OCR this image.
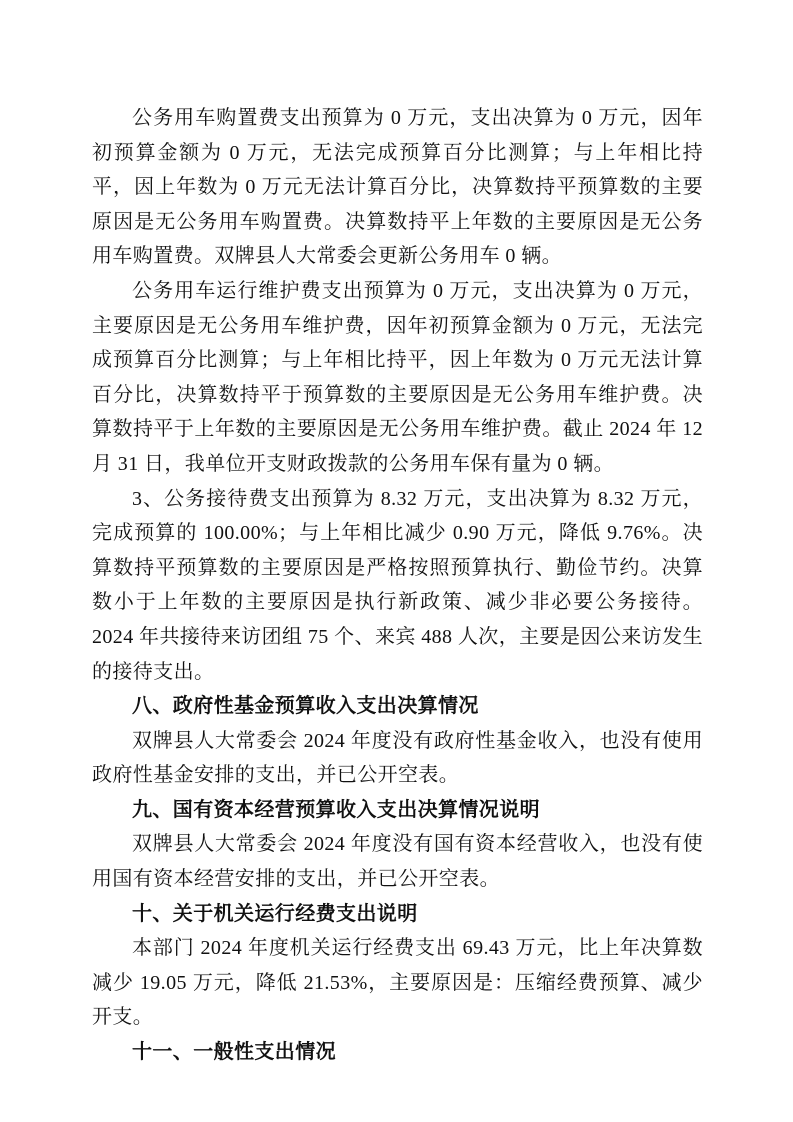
公务用车购置费支出预算为 0 万元，支出决算为 0 万元，因年初预算金额为 0 万元，无法完成预算百分比测算；与上年相比持平，因上年数为 0 万元无法计算百分比，决算数持平预算数的主要原因是无公务用车购置费。决算数持平上年数的主要原因是无公务用车购置费。双牌县人大常委会更新公务用车 0 辆。

公务用车运行维护费支出预算为 0 万元，支出决算为 0 万元，主要原因是无公务用车维护费，因年初预算金额为 0 万元，无法完成预算百分比测算；与上年相比持平，因上年数为 0 万元无法计算百分比，决算数持平于预算数的主要原因是无公务用车维护费。决算数持平于上年数的主要原因是无公务用车维护费。截止 2024 年 12 月 31 日，我单位开支财政拨款的公务用车保有量为 0 辆。

3、公务接待费支出预算为 8.32 万元，支出决算为 8.32 万元，完成预算的 100.00%；与上年相比减少 0.90 万元，降低 9.76%。决算数持平预算数的主要原因是严格按照预算执行、勤俭节约。决算数小于上年数的主要原因是执行新政策、减少非必要公务接待。2024 年共接待来访团组 75 个、来宾 488 人次，主要是因公来访发生的接待支出。

八、政府性基金预算收入支出决算情况

双牌县人大常委会 2024 年度没有政府性基金收入，也没有使用政府性基金安排的支出，并已公开空表。

九、国有资本经营预算收入支出决算情况说明

双牌县人大常委会 2024 年度没有国有资本经营收入，也没有使用国有资本经营安排的支出，并已公开空表。

十、关于机关运行经费支出说明

本部门 2024 年度机关运行经费支出 69.43 万元，比上年决算数减少 19.05 万元，降低 21.53%，主要原因是：压缩经费预算、减少开支。

十一、一般性支出情况
